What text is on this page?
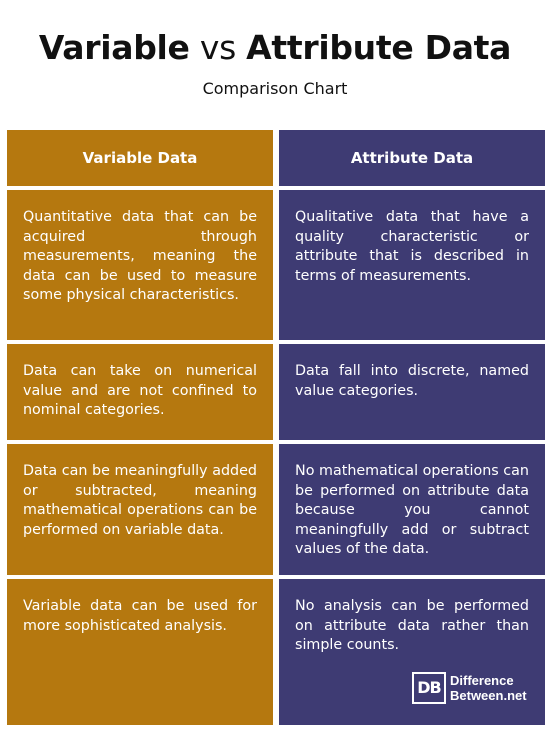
Variable vs Attribute Data
Comparison Chart
Variable Data	Attribute Data
Quantitative data that can be acquired through measurements, meaning the data can be used to measure some physical characteristics.
Qualitative data that have a quality characteristic or attribute that is described in terms of measurements.
Data can take on numerical value and are not confined to nominal categories.
Data fall into discrete, named value categories.
Data can be meaningfully added or subtracted, meaning mathematical operations can be performed on variable data.
No mathematical operations can be performed on attribute data because you cannot meaningfully add or subtract values of the data.
Variable data can be used for more sophisticated analysis.
No analysis can be performed on attribute data rather than simple counts.
DB Difference
Between.net
